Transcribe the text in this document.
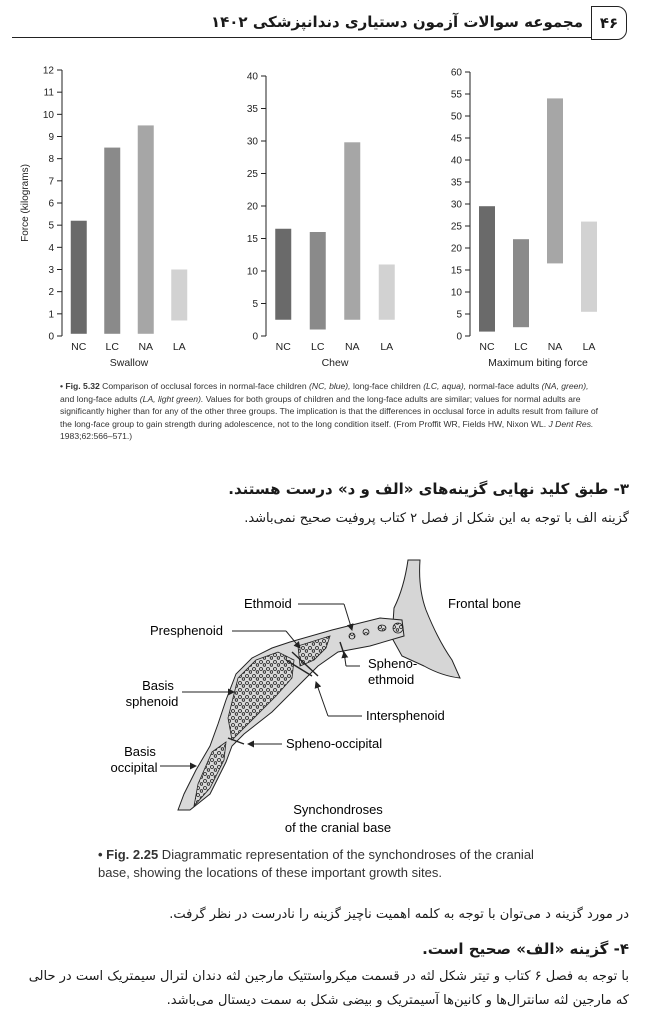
۴۶
مجموعه سوالات آزمون دستیاری دندانپزشکی ۱۴۰۲
0
1
2
3
4
5
6
7
8
9
10
11
12
NC LC NA LA
Swallow
Force (kilograms)
0
5
10
15
20
25
30
35
40
NC LC NA LA
Chew
0
5
10
15
20
25
30
35
40
45
50
55
60
NC LC NA LA
Maximum biting force
• Fig. 5.32 Comparison of occlusal forces in normal-face children (NC, blue), long-face children (LC, aqua), normal-face adults (NA, green), and long-face adults (LA, light green). Values for both groups of children and the long-face adults are similar; values for normal adults are significantly higher than for any of the other three groups. The implication is that the differences in occlusal force in adults result from failure of the long-face group to gain strength during adolescence, not to the long condition itself. (From Proffit WR, Fields HW, Nixon WL. J Dent Res. 1983;62:566–571.)
۳- طبق کلید نهایی گزینه‌های «الف و د» درست هستند.
گزینه الف با توجه به این شکل از فصل ۲ کتاب پروفیت صحیح نمی‌باشد.
Ethmoid	Frontal bone
Presphenoid
Spheno-
ethmoid
Basis
sphenoid
Intersphenoid
Spheno-occipital
Basis
occipital
Synchondroses
of the cranial base
• Fig. 2.25 Diagrammatic representation of the synchondroses of the cranial base, showing the locations of these important growth sites.
در مورد گزینه د می‌توان با توجه به کلمه اهمیت ناچیز گزینه را نادرست در نظر گرفت.
۴- گزینه «الف» صحیح است.
با توجه به فصل ۶ کتاب و تیتر شکل لثه در قسمت میکرواستتیک مارجین لثه دندان لترال سیمتریک است در حالی
که مارجین لثه سانترال‌ها و کانین‌ها آسیمتریک و بیضی شکل به سمت دیستال می‌باشد.
